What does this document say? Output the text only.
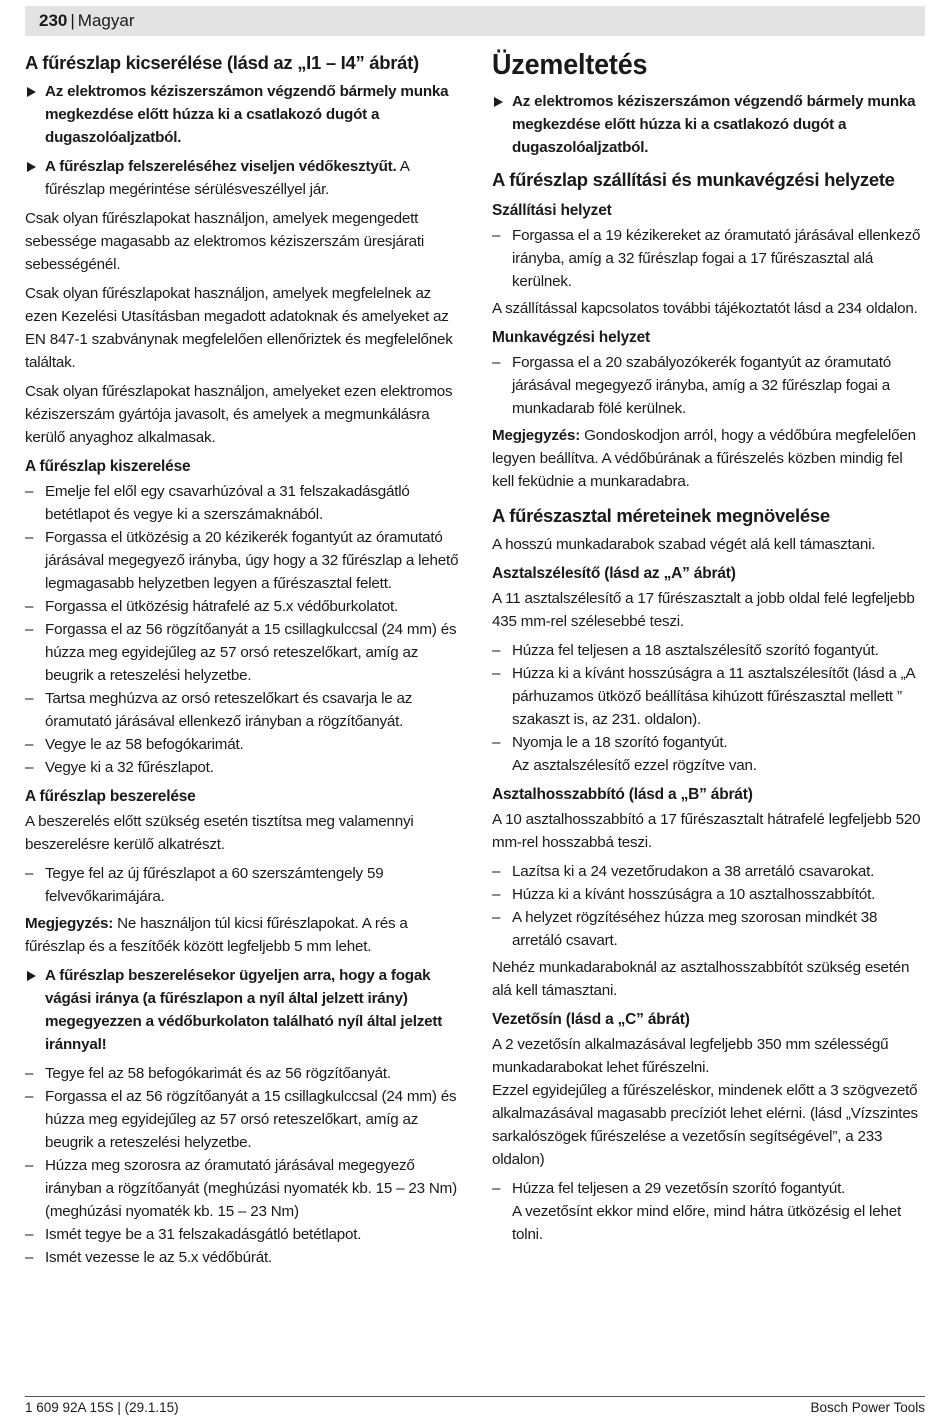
230 | Magyar
A fűrészlap kicserélése (lásd az „I1 – I4” ábrát)
Az elektromos kéziszerszámon végzendő bármely munka megkezdése előtt húzza ki a csatlakozó dugót a dugaszolóaljzatból.
A fűrészlap felszereléséhez viseljen védőkesztyűt. A fűrészlap megérintése sérülésveszéllyel jár.

Csak olyan fűrészlapokat használjon, amelyek megengedett sebessége magasabb az elektromos kéziszerszám üresjárati sebességénél.

Csak olyan fűrészlapokat használjon, amelyek megfelelnek az ezen Kezelési Utasításban megadott adatoknak és amelyeket az EN 847-1 szabványnak megfelelően ellenőriztek és megfelelőnek találtak.

Csak olyan fűrészlapokat használjon, amelyeket ezen elektromos kéziszerszám gyártója javasolt, és amelyek a megmunkálásra kerülő anyaghoz alkalmasak.

A fűrészlap kiszerelése
– Emelje fel elől egy csavarhúzóval a 31 felszakadásgátló betétlapot és vegye ki a szerszámaknából.
– Forgassa el ütközésig a 20 kézikerék fogantyút az óramutató járásával megegyező irányba, úgy hogy a 32 fűrészlap a lehető legmagasabb helyzetben legyen a fűrészasztal felett.
– Forgassa el ütközésig hátrafelé az 5.x védőburkolatot.
– Forgassa el az 56 rögzítőanyát a 15 csillagkulccsal (24 mm) és húzza meg egyidejűleg az 57 orsó reteszelőkart, amíg az beugrik a reteszelési helyzetbe.
– Tartsa meghúzva az orsó reteszelőkart és csavarja le az óramutató járásával ellenkező irányban a rögzítőanyát.
– Vegye le az 58 befogókarimát.
– Vegye ki a 32 fűrészlapot.
A fűrészlap beszerelése

A beszerelés előtt szükség esetén tisztítsa meg valamennyi beszerelésre kerülő alkatrészt.

– Tegye fel az új fűrészlapot a 60 szerszámtengely 59 felvevőkarimájára.

Megjegyzés: Ne használjon túl kicsi fűrészlapokat. A rés a fűrészlap és a feszítőék között legfeljebb 5 mm lehet.

A fűrészlap beszerelésekor ügyeljen arra, hogy a fogak vágási iránya (a fűrészlapon a nyíl által jelzett irány) megegyezzen a védőburkolaton található nyíl által jelzett iránnyal!
– Tegye fel az 58 befogókarimát és az 56 rögzítőanyát.
– Forgassa el az 56 rögzítőanyát a 15 csillagkulccsal (24 mm) és húzza meg egyidejűleg az 57 orsó reteszelőkart, amíg az beugrik a reteszelési helyzetbe.
– Húzza meg szorosra az óramutató járásával megegyező irányban a rögzítőanyát (meghúzási nyomaték kb. 15 – 23 Nm) (meghúzási nyomaték kb. 15 – 23 Nm)
– Ismét tegye be a 31 felszakadásgátló betétlapot.
– Ismét vezesse le az 5.x védőbúrát.
Üzemeltetés
Az elektromos kéziszerszámon végzendő bármely munka megkezdése előtt húzza ki a csatlakozó dugót a dugaszolóaljzatból.
A fűrészlap szállítási és munkavégzési helyzete
Szállítási helyzet
– Forgassa el a 19 kézikereket az óramutató járásával ellenkező irányba, amíg a 32 fűrészlap fogai a 17 fűrészasztal alá kerülnek.

A szállítással kapcsolatos további tájékoztatót lásd a 234 oldalon.

Munkavégzési helyzet
– Forgassa el a 20 szabályozókerék fogantyút az óramutató járásával megegyező irányba, amíg a 32 fűrészlap fogai a munkadarab fölé kerülnek.

Megjegyzés: Gondoskodjon arról, hogy a védőbúra megfelelően legyen beállítva. A védőbúrának a fűrészelés közben mindig fel kell feküdnie a munkaradabra.

A fűrészasztal méreteinek megnövelése

A hosszú munkadarabok szabad végét alá kell támasztani.

Asztalszélesítő (lásd az „A” ábrát)

A 11 asztalszélesítő a 17 fűrészasztalt a jobb oldal felé legfeljebb 435 mm-rel szélesebbé teszi.

– Húzza fel teljesen a 18 asztalszélesítő szorító fogantyút.
– Húzza ki a kívánt hosszúságra a 11 asztalszélesítőt (lásd a „A párhuzamos ütköző beállítása kihúzott fűrészasztal mellett ” szakaszt is, az 231. oldalon).
– Nyomja le a 18 szorító fogantyút.
Az asztalszélesítő ezzel rögzítve van.
Asztalhosszabbító (lásd a „B” ábrát)

A 10 asztalhosszabbító a 17 fűrészasztalt hátrafelé legfeljebb 520 mm-rel hosszabbá teszi.

– Lazítsa ki a 24 vezetőrudakon a 38 arretáló csavarokat.
– Húzza ki a kívánt hosszúságra a 10 asztalhosszabbítót.
– A helyzet rögzítéséhez húzza meg szorosan mindkét 38 arretáló csavart.

Nehéz munkadaraboknál az asztalhosszabbítót szükség esetén alá kell támasztani.

Vezetősín (lásd a „C” ábrát)

A 2 vezetősín alkalmazásával legfeljebb 350 mm szélességű munkadarabokat lehet fűrészelni.

Ezzel egyidejűleg a fűrészeléskor, mindenek előtt a 3 szögvezető alkalmazásával magasabb precíziót lehet elérni. (lásd „Vízszintes sarkalószögek fűrészelése a vezetősín segítségével”, a 233 oldalon)

– Húzza fel teljesen a 29 vezetősín szorító fogantyút.
A vezetősínt ekkor mind előre, mind hátra ütközésig el lehet tolni.
1 609 92A 15S | (29.1.15)	Bosch Power Tools
